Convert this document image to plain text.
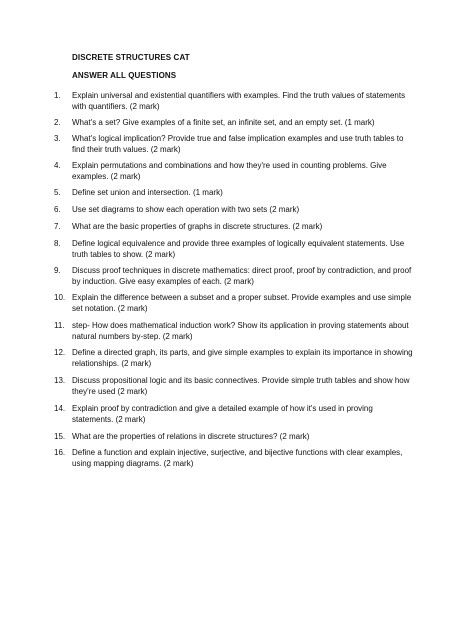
DISCRETE STRUCTURES CAT
ANSWER ALL QUESTIONS
1.	Explain universal and existential quantifiers with examples. Find the truth values of statements
with quantifiers. (2 mark)
2.	What's a set? Give examples of a finite set, an infinite set, and an empty set. (1 mark)
3.	What's logical implication? Provide true and false implication examples and use truth tables to
find their truth values. (2 mark)
4.	Explain permutations and combinations and how they're used in counting problems. Give
examples. (2 mark)
5.	Define set union and intersection. (1 mark)
6.	Use set diagrams to show each operation with two sets (2 mark)
7.	What are the basic properties of graphs in discrete structures. (2 mark)
8.	Define logical equivalence and provide three examples of logically equivalent statements. Use
truth tables to show. (2 mark)
9.	Discuss proof techniques in discrete mathematics: direct proof, proof by contradiction, and proof
by induction. Give easy examples of each. (2 mark)
10. Explain the difference between a subset and a proper subset. Provide examples and use simple
set notation. (2 mark)
11. step- How does mathematical induction work? Show its application in proving statements about
natural numbers by-step. (2 mark)
12. Define a directed graph, its parts, and give simple examples to explain its importance in showing
relationships. (2 mark)
13. Discuss propositional logic and its basic connectives. Provide simple truth tables and show how
they're used (2 mark)
14. Explain proof by contradiction and give a detailed example of how it's used in proving
statements. (2 mark)
15. What are the properties of relations in discrete structures? (2 mark)
16. Define a function and explain injective, surjective, and bijective functions with clear examples,
using mapping diagrams. (2 mark)
